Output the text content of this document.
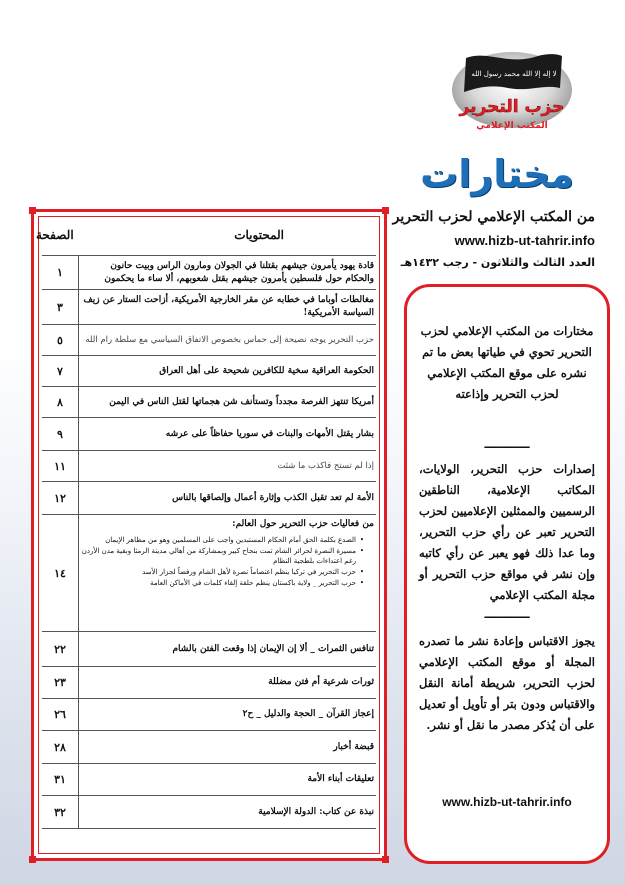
لا إله إلا الله محمد رسول الله
حزب التحرير
المكتب الإعلامي
مختارات
من المكتب الإعلامي لحزب التحرير
www.hizb-ut-tahrir.info
العدد الثالث والثلاثون - رجب ١٤٣٢هـ
المحتويات
الصفحة
قادة يهود يأمرون جيشهم بقتلنا في الجولان ومارون الراس وبيت حانون والحكام حول فلسطين يأمرون جيشهم بقتل شعوبهم، ألا ساء ما يحكمون
١
مغالطات أوباما في خطابه عن مقر الخارجية الأمريكية، أزاحت الستار عن زيف السياسة الأمريكية!
٣
حزب التحرير يوجه نصيحة إلى حماس بخصوص الاتفاق السياسي مع سلطة رام الله
٥
الحكومة العراقية سخية للكافرين شحيحة على أهل العراق
٧
أمريكا تنتهز الفرصة مجدداً وتستأنف شن هجماتها لقتل الناس في اليمن
٨
بشار يقتل الأمهات والبنات في سوريا حفاظاً على عرشه
٩
إذا لم تستح فاكذب ما شئت
١١
الأمة لم تعد تقبل الكذب وإثارة أعمال وإلصاقها بالناس
١٢
من فعاليات حزب التحرير حول العالم:
• الصدع بكلمة الحق أمام الحكام المستبدين واجب على المسلمين وهو من مظاهر الإيمان
• مسيرة النصرة لحرائر الشام تمت بنجاح كبير وبمشاركة من أهالي مدينة الرمثا وبقية مدن الأردن رغم اعتداءات بلطجية النظام
• حزب التحرير في تركيا ينظم اعتصاماً نصرة لأهل الشام ورفضاً لجزار الأسد
• حزب التحرير _ ولاية باكستان ينظم حلقة إلقاء كلمات في الأماكن العامة
١٤
تنافس الثمرات _ ألا إن الإيمان إذا وقعت الفتن بالشام
٢٢
ثورات شرعية أم فتن مضللة
٢٣
إعجاز القرآن _ الحجة والدليل _ ح٢
٢٦
قبضة أخبار
٢٨
تعليقات أبناء الأمة
٣١
نبذة عن كتاب: الدولة الإسلامية
٣٢
مختارات من المكتب الإعلامي لحزب التحرير تحوي في طياتها بعض ما تم نشره على موقع المكتب الإعلامي لحزب التحرير وإذاعته
ـــــــــــ
إصدارات حزب التحرير، الولايات، المكاتب الإعلامية، الناطقين الرسميين والممثلين الإعلاميين لحزب التحرير تعبر عن رأي حزب التحرير، وما عدا ذلك فهو يعبر عن رأي كاتبه وإن نشر في مواقع حزب التحرير أو مجلة المكتب الإعلامي
ـــــــــــ
يجوز الاقتباس وإعادة نشر ما تصدره المجلة أو موقع المكتب الإعلامي لحزب التحرير، شريطة أمانة النقل والاقتباس ودون بتر أو تأويل أو تعديل على أن يُذكر مصدر ما نقل أو نشر.
www.hizb-ut-tahrir.info
